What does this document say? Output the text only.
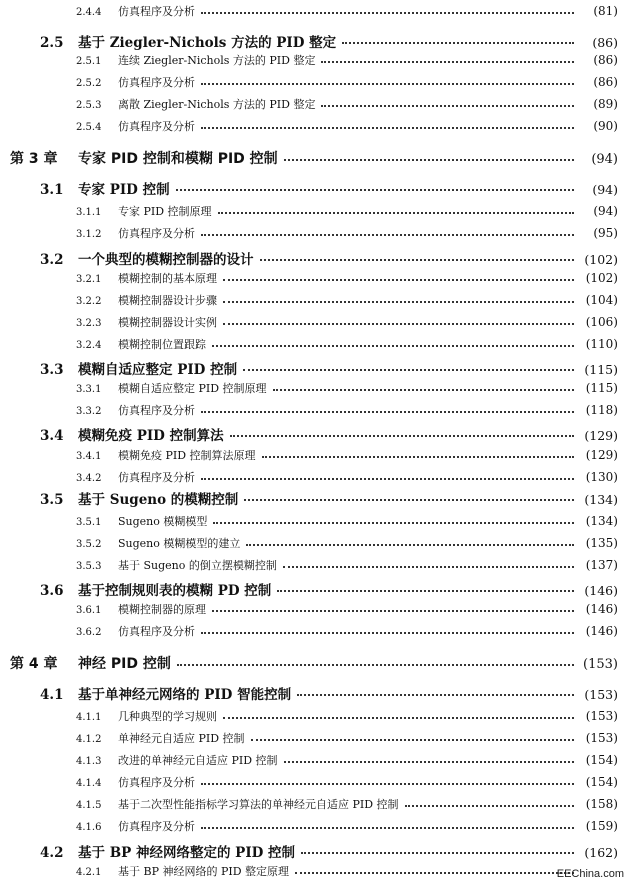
2.4.4	仿真程序及分析	(81)
2.5	基于 Ziegler-Nichols 方法的 PID 整定	(86)
2.5.1	连续 Ziegler-Nichols 方法的 PID 整定	(86)
2.5.2	仿真程序及分析	(86)
2.5.3	离散 Ziegler-Nichols 方法的 PID 整定	(89)
2.5.4	仿真程序及分析	(90)
第 3 章	专家 PID 控制和模糊 PID 控制	(94)
3.1	专家 PID 控制	(94)
3.1.1	专家 PID 控制原理	(94)
3.1.2	仿真程序及分析	(95)
3.2	一个典型的模糊控制器的设计	(102)
3.2.1	模糊控制的基本原理	(102)
3.2.2	模糊控制器设计步骤	(104)
3.2.3	模糊控制器设计实例	(106)
3.2.4	模糊控制位置跟踪	(110)
3.3	模糊自适应整定 PID 控制	(115)
3.3.1	模糊自适应整定 PID 控制原理	(115)
3.3.2	仿真程序及分析	(118)
3.4	模糊免疫 PID 控制算法	(129)
3.4.1	模糊免疫 PID 控制算法原理	(129)
3.4.2	仿真程序及分析	(130)
3.5	基于 Sugeno 的模糊控制	(134)
3.5.1	Sugeno 模糊模型	(134)
3.5.2	Sugeno 模糊模型的建立	(135)
3.5.3	基于 Sugeno 的倒立摆模糊控制	(137)
3.6	基于控制规则表的模糊 PD 控制	(146)
3.6.1	模糊控制器的原理	(146)
3.6.2	仿真程序及分析	(146)
第 4 章	神经 PID 控制	(153)
4.1	基于单神经元网络的 PID 智能控制	(153)
4.1.1	几种典型的学习规则	(153)
4.1.2	单神经元自适应 PID 控制	(153)
4.1.3	改进的单神经元自适应 PID 控制	(154)
4.1.4	仿真程序及分析	(154)
4.1.5	基于二次型性能指标学习算法的单神经元自适应 PID 控制	(158)
4.1.6	仿真程序及分析	(159)
4.2	基于 BP 神经网络整定的 PID 控制	(162)
4.2.1	基于 BP 神经网络的 PID 整定原理	EEChina.com
